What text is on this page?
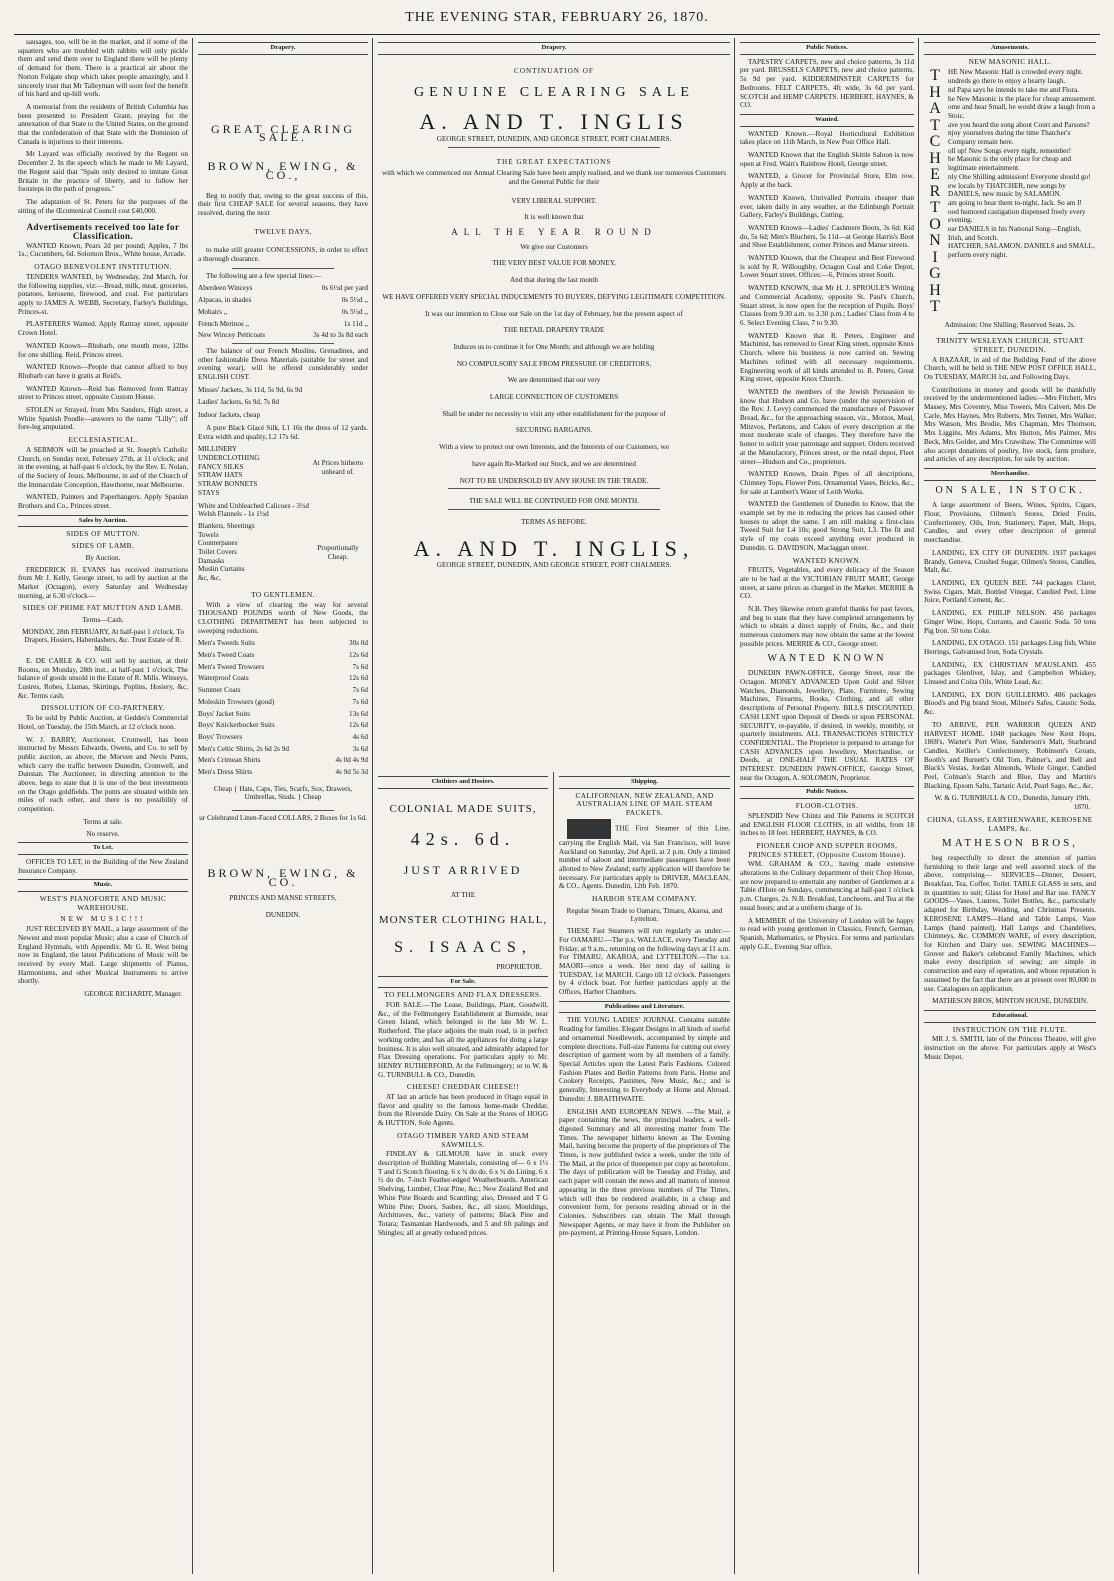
THE EVENING STAR, FEBRUARY 26, 1870.

sausages, too, will be in the market, and if some of the squatters who are troubled with rabbits will only pickle them and send them over to England there will be plenty of demand for them. There is a practical air about the Norton Folgate shop which takes people amazingly, and I sincerely trust that Mr Talleyman will soon feel the benefit of his hard and up-hill work.

A memorial from the residents of British Columbia has been presented to President Grant, praying for the annexation of that State to the United States, on the ground that the confederation of that State with the Dominion of Canada is injurious to their interests.

Mr Layard was officially received by the Regent on December 2. In the speech which he made to Mr Layard, the Regent said that "Spain only desired to imitate Great Britain in the practice of liberty, and to follow her footsteps in the path of progress."

The adaptation of St. Peters for the purposes of the sitting of the Œcumenical Council cost £40,000.

Advertisements received too late for Classification.

WANTED Known, Pears 2d per pound; Apples, 7 lbs 1s.; Cucumbers, 6d. Solomon Bros., White house, Arcade.

OTAGO BENEVOLENT INSTITUTION.

TENDERS WANTED, by Wednesday, 2nd March, for the following supplies, viz:—Bread, milk, meat, groceries, potatoes, kerosene, firewood, and coal. For particulars apply to JAMES A. WEBB, Secretary, Farley's Buildings, Princes-st.

PLASTERERS Wanted. Apply Rattray street, opposite Crown Hotel.

WANTED Known—Rhubarb, one month more, 12lbs for one shilling. Reid, Princes street.

WANTED Known—People that cannot afford to buy Rhubarb can have it gratis at Reid's.

WANTED Known—Reid has Removed from Rattray street to Princes street, opposite Custom House.

STOLEN or Strayed, from Mrs Sanders, High street, a White Spanish Poodle—answers to the name "Lilly"; off fore-leg amputated.

ECCLESIASTICAL.

A SERMON will be preached at St. Joseph's Catholic Church, on Sunday next, February 27th, at 11 o'clock; and in the evening, at half-past 6 o'clock, by the Rev. E. Nolan, of the Society of Jesus, Melbourne, in aid of the Church of the Immaculate Conception, Hawthorne, near Melbourne.

WANTED, Painters and Paperhangers. Apply Spanlan Brothers and Co., Princes street.

Sales by Auction.
SIDES OF MUTTON.
SIDES OF LAMB.
By Auction.

FREDERICK H. EVANS has received instructions from Mr J. Kelly, George street, to sell by auction at the Market (Octagon), every Saturday and Wednesday morning, at 6.30 o'clock—

SIDES OF PRIME FAT MUTTON AND LAMB.
Terms—Cash.
MONDAY, 28th FEBRUARY, At half-past 1 o'clock. To Drapers, Hosiers, Haberdashers, &c. Trust Estate of R. Mills.

E. DE CARLE & CO. will sell by auction, at their Rooms, on Monday, 28th inst., at half-past 1 o'clock, The balance of goods unsold in the Estate of R. Mills. Winseys, Lustres, Robes, Llamas, Skirtings, Poplins, Hosiery, &c, &c. Terms cash.

DISSOLUTION OF CO-PARTNERY.

To be sold by Public Auction, at Geddes's Commercial Hotel, on Tuesday, the 15th March, at 12 o'clock noon.

W. J. BARRY, Auctioneer, Cromwell, has been instructed by Messrs Edwards, Owens, and Co. to sell by public auction, as above, the Morven and Nevis Punts, which carry the traffic between Dunedin, Cromwell, and Dunstan. The Auctioneer, in directing attention to the above, begs to state that it is one of the best investments on the Otago goldfields. The punts are situated within ten miles of each other, and there is no possibility of competition.

Terms at sale.
No reserve.
To Let.

OFFICES TO LET, in the Building of the New Zealand Insurance Company.

Music.
WEST'S PIANOFORTE AND MUSIC WAREHOUSE.
NEW MUSIC!!!

JUST RECEIVED BY MAIL, a large assortment of the Newest and most popular Music; also a case of Church of England Hymnals, with Appendix. Mr G. R. West being now in England, the latest Publications of Music will be received by every Mail. Large shipments of Pianos, Harmoniums, and other Musical Instruments to arrive shortly.

GEORGE RICHARDT, Manager.
Drapery.
GREAT CLEARING SALE.
BROWN, EWING, & CO.,

Beg to notify that, owing to the great success of this, their first CHEAP SALE for several seasons, they have resolved, during the next

TWELVE DAYS,

to make still greater CONCESSIONS, in order to effect a thorough clearance.

The following are a few special lines:—

Aberdeen Winceys	0s 6½d per yard
Alpacas, in shades	0s 5½d ,,
Mohairs ,,	0s 5½d ,,
French Merinos ,,	1s 11d ,,
New Wincey Petticoats	3s 4d to 3s 8d each

The balance of our French Muslins, Grenadines, and other fashionable Dress Materials (suitable for street and evening wear), will be offered considerably under ENGLISH COST.

Misses' Jackets, 3s 11d, 5s 9d, 6s 9d
Ladies' Jackets, 6s 9d, 7s 8d
Indoor Jackets, cheap

A pure Black Glacé Silk, L1 16s the dress of 12 yards. Extra width and quality, L2 17s 6d.

MILLINERY
UNDERCLOTHING
FANCY SILKS
STRAW HATS
STRAW BONNETS
STAYS
At Prices hitherto unheard of.
White and Unbleached Calicoes - 3½d
Welsh Flannels - 1s 1½d
Blankets, Sheetings
Towels
Counterpanes
Toilet Covers
Damasks
Muslin Curtains
&c, &c,
Proportionally Cheap.
TO GENTLEMEN.

With a view of clearing the way for several THOUSAND POUNDS worth of New Goods, the CLOTHING DEPARTMENT has been subjected to sweeping reductions.

Men's Tweeds Suits	30s 0d
Men's Tweed Coats	12s 6d
Men's Tweed Trowsers	7s 6d
Waterproof Coats	12s 6d
Summer Coats	7s 6d
Moleskin Trowsers (good)	7s 6d
Boys' Jacket Suits	13s 6d
Boys' Knickerbocker Suits	12s 6d
Boys' Trowsers	4s 6d
Men's Celtic Shirts, 2s 6d 2s 9d	3s 6d
Men's Crimean Shirts	4s 0d 4s 9d
Men's Dress Shirts	4s 9d 5s 3d
Cheap { Hats, Caps, Ties, Scarfs, Sox, Drawers, Umbrellas, Studs. } Cheap
ur Celebrated Linen-Faced COLLARS, 2 Boxes for 1s 6d.
BROWN, EWING, & CO.
PRINCES AND MANSE STREETS,
DUNEDIN.
Drapery.
CONTINUATION OF
GENUINE CLEARING SALE
A. AND T. INGLIS
GEORGE STREET, DUNEDIN, AND GEORGE STREET, PORT CHALMERS.
THE GREAT EXPECTATIONS
with which we commenced our Annual Clearing Sale have been amply realised, and we thank our numerous Customers and the General Public for their
VERY LIBERAL SUPPORT.
It is well known that
ALL THE YEAR ROUND
We give our Customers
THE VERY BEST VALUE FOR MONEY,
And that during the last month
WE HAVE OFFERED VERY SPECIAL INDUCEMENTS TO BUYERS, DEFYING LEGITIMATE COMPETITION.
It was our intention to Close our Sale on the 1st day of February, but the present aspect of
THE RETAIL DRAPERY TRADE
Induces us to continue it for One Month; and although we are holding
NO COMPULSORY SALE FROM PRESSURE OF CREDITORS,
We are determined that our very
LARGE CONNECTION OF CUSTOMERS
Shall be under no necessity to visit any other establishment for the purpose of
SECURING BARGAINS.
With a view to protect our own Interests, and the Interests of our Customers, we
have again Re-Marked our Stock, and we are determined
NOT TO BE UNDERSOLD BY ANY HOUSE IN THE TRADE.
THE SALE WILL BE CONTINUED FOR ONE MONTH.
TERMS AS BEFORE.
A. AND T. INGLIS,
GEORGE STREET, DUNEDIN, AND GEORGE STREET, PORT CHALMERS.
Clothiers and Hosiers.
COLONIAL MADE SUITS,
42s. 6d.
JUST ARRIVED
AT THE
MONSTER CLOTHING HALL,
S. ISAACS,
PROPRIETOR.
For Sale.
TO FELLMONGERS AND FLAX DRESSERS.

FOR SALE.—The Lease, Buildings, Plant, Goodwill, &c., of the Fellmongery Establishment at Burnside, near Green Island, which belonged to the late Mr W. L. Rutherford. The place adjoins the main road, is in perfect working order, and has all the appliances for doing a large business. It is also well situated, and admirably adapted for Flax Dressing operations. For particulars apply to Mr. HENRY RUTHERFORD, At the Fellmongery; or to W. & G. TURNBULL & CO., Dunedin.

CHEESE! CHEDDAR CHEESE!!

AT last an article has been produced in Otago equal in flavor and quality to the famous home-made Cheddar, from the Riverside Dairy. On Sale at the Stores of HOGG & HUTTON, Sole Agents.

OTAGO TIMBER YARD AND STEAM SAWMILLS.

FINDLAY & GILMOUR have in stock every description of Building Materials, consisting of— 6 x 1½ T and G Scotch flooring. 6 x ¾ do do. 6 x ¾ do Lining. 6 x ½ do do. 7-inch Feather-edged Weatherboards. American Shelving, Lumber, Clear Pine, &c.; New Zealand Red and White Pine Boards and Scantling; also, Dressed and T G White Pine; Doors, Sashes, &c., all sizes; Mouldings, Architraves, &c., variety of patterns; Black Pine and Totara; Tasmanian Hardwoods, and 5 and 6ft palings and Shingles; all at greatly reduced prices.

Shipping.
CALIFORNIAN, NEW ZEALAND, AND AUSTRALIAN LINE OF MAIL STEAM PACKETS.

THE First Steamer of this Line, carrying the English Mail, via San Francisco, will leave Auckland on Saturday, 2nd April, at 2 p.m. Only a limited number of saloon and intermediate passengers have been allotted to New Zealand; early application will therefore be necessary. For particulars apply to DRIVER, MACLEAN, & CO., Agents. Dunedin, 12th Feb. 1870.

HARBOR STEAM COMPANY.
Regular Steam Trade to Oamaru, Timaru, Akaroa, and Lyttelton.

THESE Fast Steamers will run regularly as under:— For OAMARU.—The p.s. WALLACE, every Tuesday and Friday, at 9 a.m., returning on the following days at 11 a.m. For TIMARU, AKAROA, and LYTTELTON.—The s.s. MAORI—once a week. Her next day of sailing is TUESDAY, 1st MARCH. Cargo till 12 o'clock. Passengers by 4 o'clock boat. For further particulars apply at the Offices, Harbor Chambers.

Publications and Literature.

THE YOUNG LADIES' JOURNAL Contains suitable Reading for families. Elegant Designs in all kinds of useful and ornamental Needlework, accompanied by simple and complete directions. Full-size Patterns for cutting out every description of garment worn by all members of a family. Special Articles upon the Latest Paris Fashions. Colored Fashion Plates and Berlin Patterns from Paris. Home and Cookery Receipts, Pastimes, New Music, &c.; and is generally, Interesting to Everybody at Home and Abroad. Dunedin: J. BRAITHWAITE.

ENGLISH AND EUROPEAN NEWS. —The Mail, a paper containing the news, the principal leaders, a well-digested Summary and all interesting matter from The Times. The newspaper hitherto known as The Evening Mail, having become the property of the proprietors of The Times, is now published twice a week, under the title of The Mail, at the price of threepence per copy as heretofore. The days of publication will be Tuesday and Friday, and each paper will contain the news and all matters of interest appearing in the three previous numbers of The Times, which will thus be rendered available, in a cheap and convenient form, for persons residing abroad or in the Colonies. Subscribers can obtain The Mail through Newspaper Agents, or may have it from the Publisher on pre-payment, at Printing-House Square, London.

Public Notices.

TAPESTRY CARPETS, new and choice patterns, 3s 11d per yard. BRUSSELS CARPETS, new and choice patterns, 5s 9d per yard. KIDDERMINSTER CARPETS for Bedrooms. FELT CARPETS, 4ft wide, 3s 6d per yard. SCOTCH and HEMP CARPETS. HERBERT, HAYNES, & CO.

Wanted.

WANTED Known.—Royal Horticultural Exhibition takes place on 11th March, in New Post Office Hall.

WANTED Known that the English Skittle Saloon is now open at Fred. Wain's Rainbow Hotel, George street.

WANTED, a Grocer for Provincial Store, Elm row. Apply at the back.

WANTED Known, Unrivalled Portraits cheaper than ever, taken daily in any weather, at the Edinburgh Portrait Gallery, Farley's Buildings, Cutting.

WANTED Known—Ladies' Cashmere Boots, 3s 6d; Kid do, 5s 6d; Men's Bluchers, 5s 11d—at George Harris's Boot and Shoe Establishment, corner Princes and Manse streets.

WANTED Known, that the Cheapest and Best Firewood is sold by R. Willoughby, Octagon Coal and Coke Depot, Lower Stuart street. Offices:—6, Princes street South.

WANTED KNOWN, that Mr H. J. SPROULE'S Writing and Commercial Academy, opposite St. Paul's Church, Stuart street, is now open for the reception of Pupils. Boys' Classes from 9.30 a.m. to 3.30 p.m.; Ladies' Class from 4 to 6. Select Evening Class, 7 to 9.30.

WANTED Known that R. Peters, Engineer and Machinist, has removed to Great King street, opposite Knox Church, where his business is now carried on. Sewing Machines refitted with all necessary requirements. Engineering work of all kinds attended to. R. Peters, Great King street, opposite Knox Church.

WANTED the members of the Jewish Persuasion to know that Hudson and Co. have (under the supervision of the Rev. J. Levy) commenced the manufacture of Passover Bread, &c., for the approaching season, viz., Motzos, Meal, Mitzvos, Perlatons, and Cakes of every description at the most moderate scale of charges. They therefore have the honor to solicit your patronage and support. Orders received at the Manufactory, Princes street, or the retail depot, Fleet street—Hudson and Co., proprietors.

WANTED Known, Drain Pipes of all descriptions, Chimney Tops, Flower Pots, Ornamental Vases, Bricks, &c., for sale at Lambert's Water of Leith Works.

WANTED the Gentlemen of Dunedin to Know, that the example set by me in reducing the prices has caused other houses to adopt the same. I am still making a first-class Tweed Suit for L4 10s; good Strong Suit, L3. The fit and style of my coats exceed anything ever produced in Dunedin. G. DAVIDSON, Maclaggan street.

WANTED KNOWN.

FRUITS, Vegetables, and every delicacy of the Season are to be had at the VICTORIAN FRUIT MART, George street, at same prices as charged in the Market. MERRIE & CO.

N.B. They likewise return grateful thanks for past favors, and beg to state that they have completed arrangements by which to obtain a direct supply of Fruits, &c., and their numerous customers may now obtain the same at the lowest possible prices. MERRIE & CO., George street.

WANTED KNOWN

DUNEDIN PAWN-OFFICE, George Street, near the Octagon. MONEY ADVANCED Upon Gold and Silver Watches, Diamonds, Jewellery, Plate, Furniture, Sewing Machines, Firearms, Books, Clothing, and all other descriptions of Personal Property. BILLS DISCOUNTED. CASH LENT upon Deposit of Deeds or upon PERSONAL SECURITY, re-payable, if desired, in weekly, monthly, or quarterly instalments. ALL TRANSACTIONS STRICTLY CONFIDENTIAL. The Proprietor is prepared to arrange for CASH ADVANCES upon Jewellery, Merchandise, or Deeds, at ONE-HALF THE USUAL RATES OF INTEREST. DUNEDIN PAWN-OFFICE, George Street, near the Octagon, A. SOLOMON, Proprietor.

Public Notices.
FLOOR-CLOTHS.

SPLENDID New Chintz and Tile Patterns in SCOTCH and ENGLISH FLOOR CLOTHS, in all widths, from 18 inches to 18 feet. HERBERT, HAYNES, & CO.

PIONEER CHOP AND SUPPER ROOMS, PRINCES STREET, (Opposite Custom House).

WM. GRAHAM & CO., having made extensive alterations in the Culinary department of their Chop House, are now prepared to entertain any number of Gentlemen at a Table d'Hote on Sundays, commencing at half-past 1 o'clock p.m. Charges, 2s. N.B. Breakfast, Luncheons, and Tea at the usual hours; and at a uniform charge of 1s.

A MEMBER of the University of London will be happy to read with young gentlemen in Classics, French, German, Spanish, Mathematics, or Physics. For terms and particulars apply G.E., Evening Star office.

Amusements.
NEW MASONIC HALL.
T
H
A
T
C
H
E
R
T
O
N
I
G
H
T
HE New Masonic Hall is crowded every night.
undreds go there to enjoy a hearty laugh.
nd Papa says he intends to take me and Flora.
he New Masonic is the place for cheap amusement.
ome and hear Small, he would draw a laugh from a Stoic.
ave you heard the song about Court and Parsons?
njoy yourselves during the time Thatcher's Company remain here.
oll up! New Songs every night, remember!
he Masonic is the only place for cheap and legitimate entertainment.
nly One Shilling admission! Everyone should go!
ew locals by THATCHER, new songs by DANIELS, new music by SALAMON.
am going to hear them to-night, Jack. So am I!
ood humored castigation dispensed freely every evening.
ear DANIELS in his National Song—English, Irish, and Scotch.
HATCHER, SALAMON, DANIELS and SMALL, perform every night.
Admission: One Shilling; Reserved Seats, 2s.
TRINITY WESLEYAN CHURCH, STUART STREET, DUNEDIN.

A BAZAAR, in aid of the Building Fund of the above Church, will be held in THE NEW POST OFFICE HALL, On TUESDAY, MARCH 1st, and Following Days.

Contributions in money and goods will be thankfully received by the undermentioned ladies:—Mrs Fitchett, Mrs Massey, Mrs Coventry, Miss Towers, Mrs Calvert, Mrs De Carle, Mrs Haynes, Mrs Roberts, Mrs Tennet, Mrs Walker, Mrs Watson, Mrs Brodie, Mrs Chapman, Mrs Thomson, Mrs Liggins, Mrs Adams, Mrs Hutton, Mrs Palmer, Mrs Beck, Mrs Golder, and Mrs Crawshaw. The Committee will also accept donations of poultry, live stock, farm produce, and articles of any description, for sale by auction.

Merchandise.
ON SALE, IN STOCK.

A large assortment of Beers, Wines, Spirits, Cigars, Flour, Provisions, Oilmen's Stores, Dried Fruits, Confectionery, Oils, Iron, Stationery, Paper, Malt, Hops, Candles, and every other description of general merchandise.

LANDING, EX CITY OF DUNEDIN. 1937 packages Brandy, Geneva, Crushed Sugar, Oilmen's Stores, Candles, Malt, &c.

LANDING, EX QUEEN BEE. 744 packages Claret, Swiss Cigars, Malt, Bottled Vinegar, Candied Peel, Lime Juice, Portland Cement, &c.

LANDING, EX PHILIP NELSON. 456 packages Ginger Wine, Hops, Currants, and Caustic Soda. 50 tons Pig Iron. 50 tons Coke.

LANDING, EX OTAGO. 151 packages Ling fish, White Herrings, Galvanised Iron, Soda Crystals.

LANDING, EX CHRISTIAN M'AUSLAND. 455 packages Glenlivet, Islay, and Campbelton Whiskey, Linseed and Colza Oils, White Lead, &c.

LANDING, EX DON GUILLERMO. 486 packages Blood's and Pig brand Stout, Milner's Safes, Caustic Soda, &c.

TO ARRIVE, PER WARRIOR QUEEN AND HARVEST HOME. 1048 packages New Kent Hops, 1869's, Warter's Port Wine, Sanderson's Malt, Starbrand Candles, Keiller's Confectionery, Robinson's Groats, Booth's and Burnett's Old Tom, Palmer's, and Bell and Black's Vestas, Jordan Almonds, Whole Ginger, Candied Peel, Colman's Starch and Blue, Day and Martin's Blacking, Epsom Salts, Tartaric Acid, Pearl Sago, &c., &c.

W. & G. TURNBULL & CO., Dunedin, January 19th, 1870.
CHINA, GLASS, EARTHENWARE, KEROSENE LAMPS, &c.
MATHESON BROS,

beg respectfully to direct the attention of parties furnishing to their large and well assorted stock of the above, comprising— SERVICES—Dinner, Dessert, Breakfast, Tea, Coffee, Toilet. TABLE GLASS in sets, and in quantities to suit; Glass for Hotel and Bar use. FANCY GOODS—Vases, Lustres, Toilet Bottles, &c., particularly adapted for Birthday, Wedding, and Christmas Presents. KEROSENE LAMPS—Hand and Table Lamps, Vase Lamps (hand painted), Hall Lamps and Chandeliers, Chimneys, &c. COMMON WARE, of every description, for Kitchen and Dairy use. SEWING MACHINES—Grover and Baker's celebrated Family Machines, which make every description of sewing; are simple in construction and easy of operation, and whose reputation is sustained by the fact that there are at present over 80,000 in use. Catalogues on application.

MATHESON BROS, MINTON HOUSE, DUNEDIN.
Educational.
INSTRUCTION ON THE FLUTE.

MR J. S. SMITH, late of the Princess Theatre, will give instruction on the above. For particulars apply at West's Music Depot.
